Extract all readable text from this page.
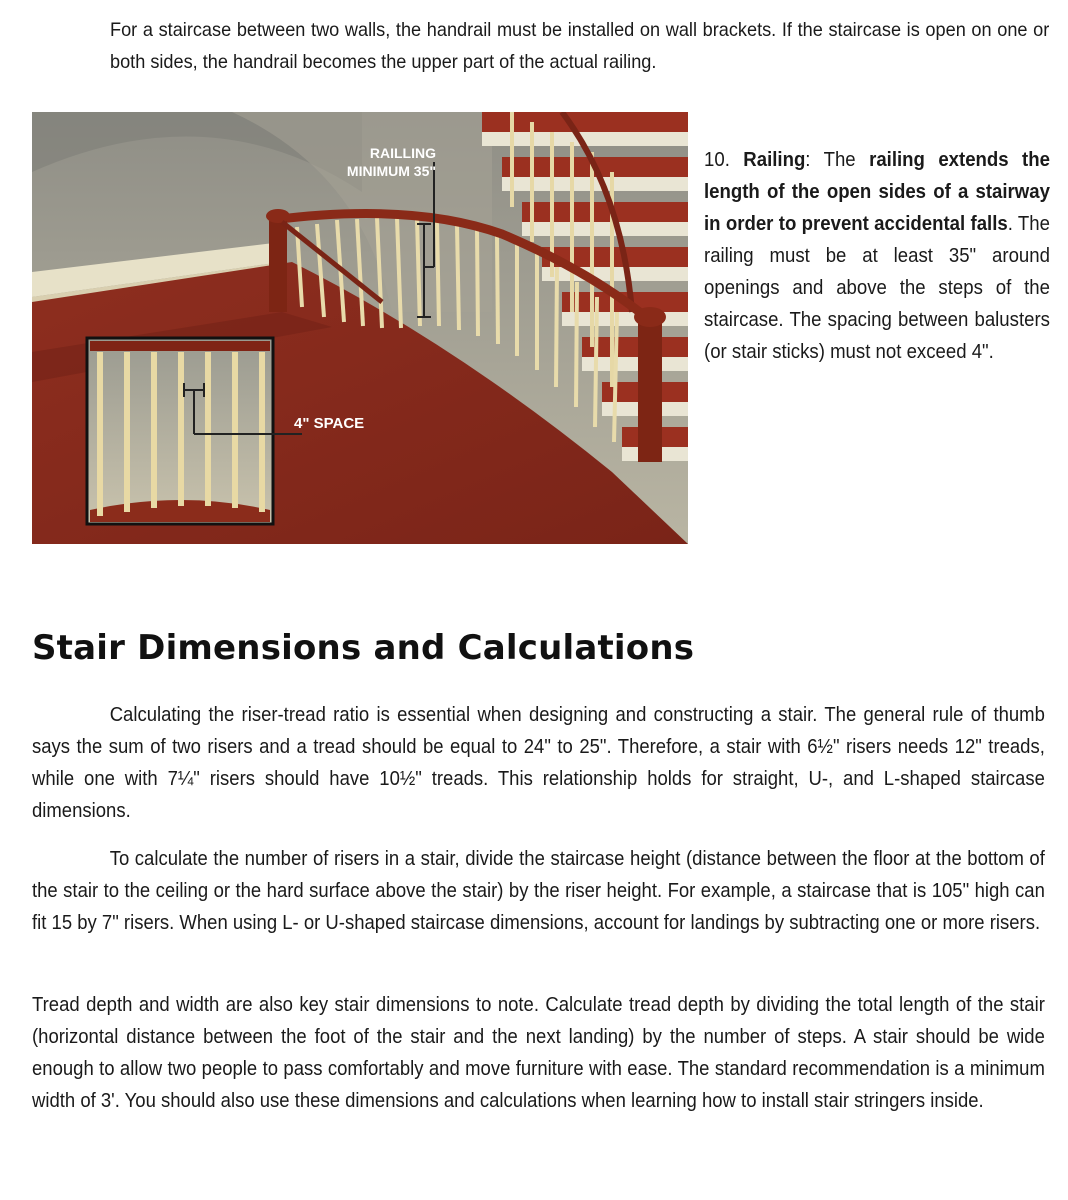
For a staircase between two walls, the handrail must be installed on wall brackets. If the staircase is open on one or both sides, the handrail becomes the upper part of the actual railing.

RAILLING
MINIMUM 35"
4" SPACE

10. Railing: The railing extends the length of the open sides of a stairway in order to prevent accidental falls. The railing must be at least 35" around openings and above the steps of the staircase. The spacing between balusters (or stair sticks) must not exceed 4".

Stair Dimensions and Calculations

Calculating the riser-tread ratio is essential when designing and constructing a stair. The general rule of thumb says the sum of two risers and a tread should be equal to 24" to 25". Therefore, a stair with 6½" risers needs 12" treads, while one with 7¼" risers should have 10½" treads. This relationship holds for straight, U-, and L-shaped staircase dimensions.

To calculate the number of risers in a stair, divide the staircase height (distance between the floor at the bottom of the stair to the ceiling or the hard surface above the stair) by the riser height. For example, a staircase that is 105" high can fit 15 by 7" risers. When using L- or U-shaped staircase dimensions, account for landings by subtracting one or more risers.

Tread depth and width are also key stair dimensions to note. Calculate tread depth by dividing the total length of the stair (horizontal distance between the foot of the stair and the next landing) by the number of steps. A stair should be wide enough to allow two people to pass comfortably and move furniture with ease. The standard recommendation is a minimum width of 3'. You should also use these dimensions and calculations when learning how to install stair stringers inside.
